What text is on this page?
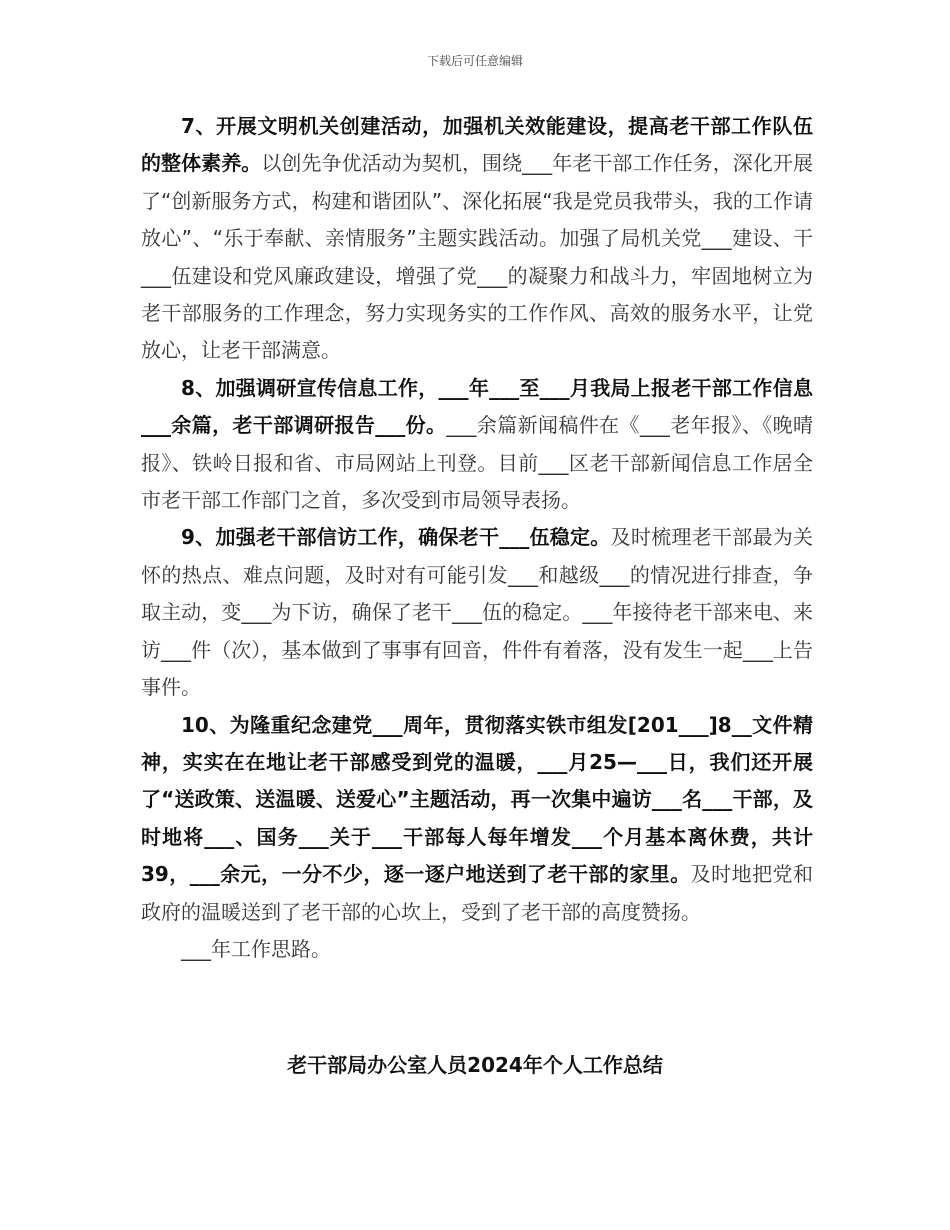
下载后可任意编辑

7、开展文明机关创建活动，加强机关效能建设，提高老干部工作队伍的整体素养。以创先争优活动为契机，围绕___年老干部工作任务，深化开展了“创新服务方式，构建和谐团队”、深化拓展“我是党员我带头，我的工作请放心”、“乐于奉献、亲情服务”主题实践活动。加强了局机关党___建设、干___伍建设和党风廉政建设，增强了党___的凝聚力和战斗力，牢固地树立为老干部服务的工作理念，努力实现务实的工作作风、高效的服务水平，让党放心，让老干部满意。

8、加强调研宣传信息工作，___年___至___月我局上报老干部工作信息___余篇，老干部调研报告___份。___余篇新闻稿件在《___老年报》、《晚晴报》、铁岭日报和省、市局网站上刊登。目前___区老干部新闻信息工作居全市老干部工作部门之首，多次受到市局领导表扬。

9、加强老干部信访工作，确保老干___伍稳定。及时梳理老干部最为关怀的热点、难点问题，及时对有可能引发___和越级___的情况进行排查，争取主动，变___为下访，确保了老干___伍的稳定。___年接待老干部来电、来访___件（次），基本做到了事事有回音，件件有着落，没有发生一起___上告事件。

10、为隆重纪念建党___周年，贯彻落实铁市组发[201___]8__文件精神，实实在在地让老干部感受到党的温暖，___月25—___日，我们还开展了“送政策、送温暖、送爱心”主题活动，再一次集中遍访___名___干部，及时地将___、国务___关于___干部每人每年增发___个月基本离休费，共计39，___余元，一分不少，逐一逐户地送到了老干部的家里。及时地把党和政府的温暖送到了老干部的心坎上，受到了老干部的高度赞扬。

___年工作思路。

老干部局办公室人员2024年个人工作总结
